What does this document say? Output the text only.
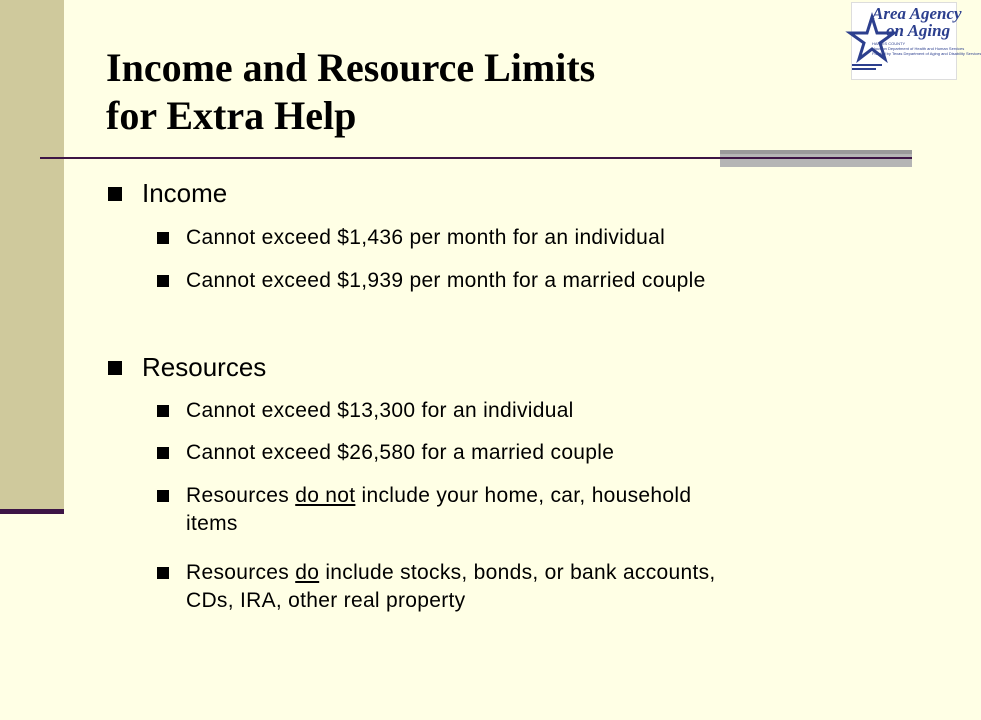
Income and Resource Limits
for Extra Help
Area Agency
on Aging
HARRIS COUNTY
Houston Department of Health and Human Services
Funded by Texas Department of Aging and Disability Services
Income
Cannot exceed $1,436 per month for an individual
Cannot exceed $1,939 per month for a married couple
Resources
Cannot exceed $13,300 for an individual
Cannot exceed $26,580 for a married couple
Resources do not include your home, car, household
items
Resources do include stocks, bonds, or bank accounts,
CDs, IRA, other real property
